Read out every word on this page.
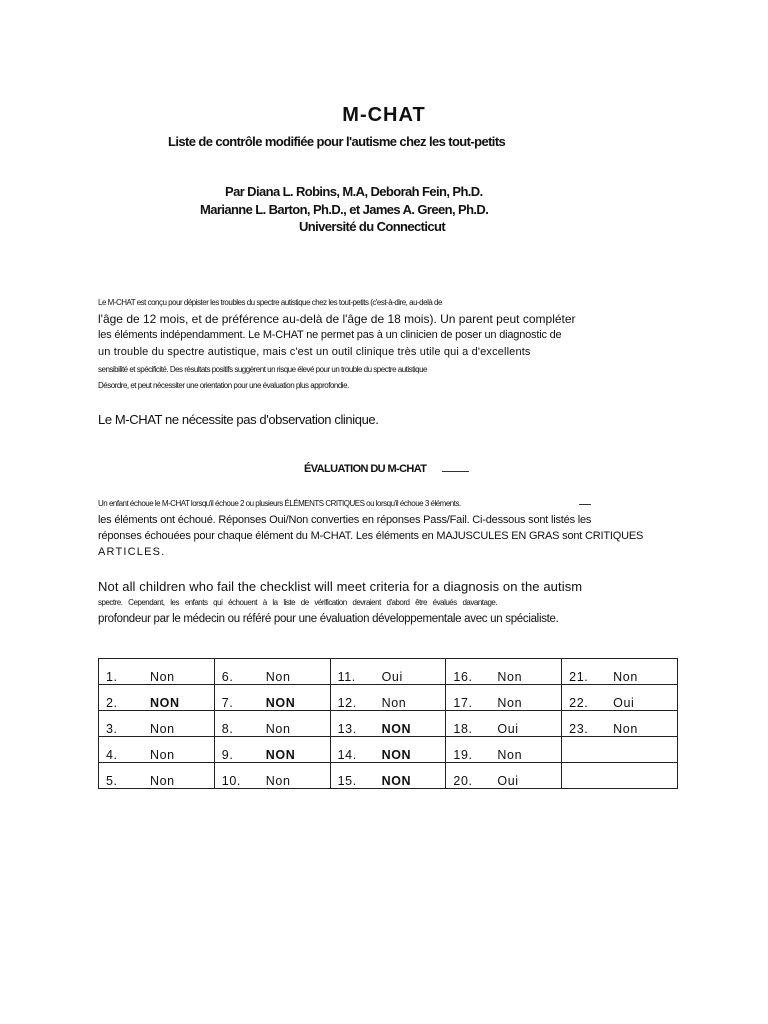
M-CHAT
Liste de contrôle modifiée pour l'autisme chez les tout-petits
Par Diana L. Robins, M.A, Deborah Fein, Ph.D.
Marianne L. Barton, Ph.D., et James A. Green, Ph.D.
Université du Connecticut
Le M-CHAT est conçu pour dépister les troubles du spectre autistique chez les tout-petits (c'est-à-dire, au-delà de
l'âge de 12 mois, et de préférence au-delà de l'âge de 18 mois). Un parent peut compléter
les éléments indépendamment. Le M-CHAT ne permet pas à un clinicien de poser un diagnostic de
un trouble du spectre autistique, mais c'est un outil clinique très utile qui a d'excellents
sensibilité et spécificité. Des résultats positifs suggèrent un risque élevé pour un trouble du spectre autistique
Désordre, et peut nécessiter une orientation pour une évaluation plus approfondie.
Le M-CHAT ne nécessite pas d'observation clinique.
ÉVALUATION DU M-CHAT
Un enfant échoue le M-CHAT lorsqu'il échoue 2 ou plusieurs ÉLÉMENTS CRITIQUES ou lorsqu'il échoue 3 éléments.
les éléments ont échoué. Réponses Oui/Non converties en réponses Pass/Fail. Ci-dessous sont listés les
réponses échouées pour chaque élément du M-CHAT. Les éléments en MAJUSCULES EN GRAS sont CRITIQUES
ARTICLES.
Not all children who fail the checklist will meet criteria for a diagnosis on the autism
spectre. Cependant, les enfants qui échouent à la liste de vérification devraient d'abord être évalués davantage.
profondeur par le médecin ou référé pour une évaluation développementale avec un spécialiste.
1. Non	6. Non	11. Oui	16. Non	21. Non

2. NON	7. NON	12. Non	17. Non	22. Oui

3. Non	8. Non	13. NON	18. Oui	23. Non

4. Non	9. NON	14. NON	19. Non	

5. Non	10. Non	15. NON	20. Oui	
